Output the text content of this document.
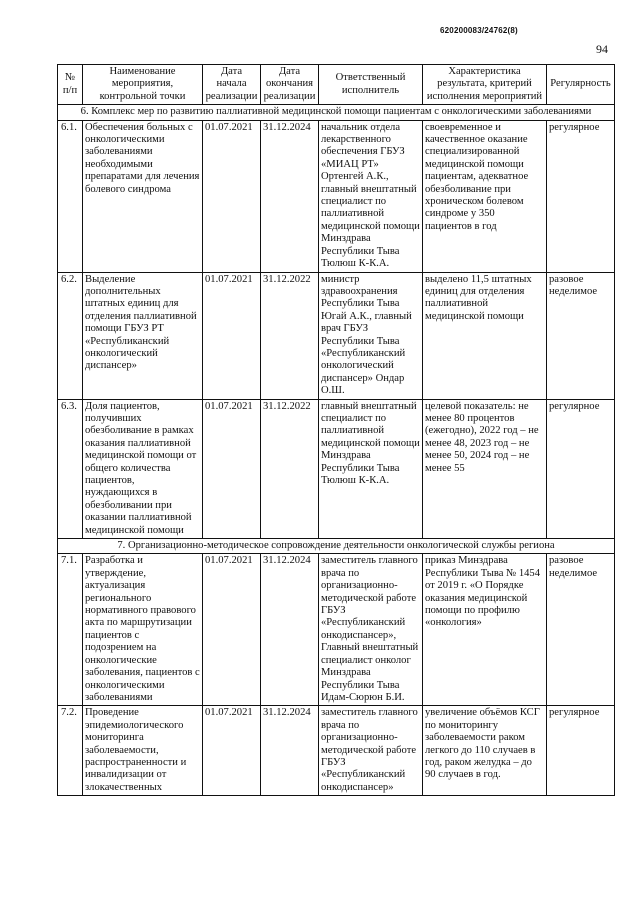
620200083/24762(8)
94
№ п/п	Наименование мероприятия, контрольной точки	Дата начала реализации	Дата окончания реализации	Ответственный исполнитель	Характеристика результата, критерий исполнения мероприятий	Регулярность
6. Комплекс мер по развитию паллиативной медицинской помощи пациентам с онкологическими заболеваниями						
6.1.	Обеспечения больных с онкологическими заболеваниями необходимыми препаратами для лечения болевого синдрома	01.07.2021	31.12.2024	начальник отдела лекарственного обеспечения ГБУЗ «МИАЦ РТ» Ортенгей А.К., главный внештатный специалист по паллиативной медицинской помощи Минздрава Республики Тыва Тюлюш К-К.А.	своевременное и качественное оказание специализированной медицинской помощи пациентам, адекватное обезболивание при хроническом болевом синдроме у 350 пациентов в год	регулярное
6.2.	Выделение дополнительных штатных единиц для отделения паллиативной помощи ГБУЗ РТ «Республиканский онкологический диспансер»	01.07.2021	31.12.2022	министр здравоохранения Республики Тыва Югай А.К., главный врач ГБУЗ Республики Тыва «Республиканский онкологический диспансер» Ондар О.Ш.	выделено 11,5 штатных единиц для отделения паллиативной медицинской помощи	разовое неделимое
6.3.	Доля пациентов, получивших обезболивание в рамках оказания паллиативной медицинской помощи от общего количества пациентов, нуждающихся в обезболивании при оказании паллиативной медицинской помощи	01.07.2021	31.12.2022	главный внештатный специалист по паллиативной медицинской помощи Минздрава Республики Тыва Тюлюш К-К.А.	целевой показатель: не менее 80 процентов (ежегодно), 2022 год – не менее 48, 2023 год – не менее 50, 2024 год – не менее 55	регулярное
7. Организационно-методическое сопровождение деятельности онкологической службы региона						
7.1.	Разработка и утверждение, актуализация регионального нормативного правового акта по маршрутизации пациентов с подозрением на онкологические заболевания, пациентов с онкологическими заболеваниями	01.07.2021	31.12.2024	заместитель главного врача по организационно-методической работе ГБУЗ «Республиканский онкодиспансер», Главный внештатный специалист онколог Минздрава Республики Тыва Идам-Сюрюн Б.И.	приказ Минздрава Республики Тыва № 1454 от 2019 г. «О Порядке оказания медицинской помощи по профилю «онкология»	разовое неделимое
7.2.	Проведение эпидемиологического мониторинга заболеваемости, распространенности и инвалидизации от злокачественных	01.07.2021	31.12.2024	заместитель главного врача по организационно-методической работе ГБУЗ «Республиканский онкодиспансер»	увеличение объёмов КСГ по мониторингу заболеваемости раком легкого до 110 случаев в год, раком желудка – до 90 случаев в год.	регулярное
